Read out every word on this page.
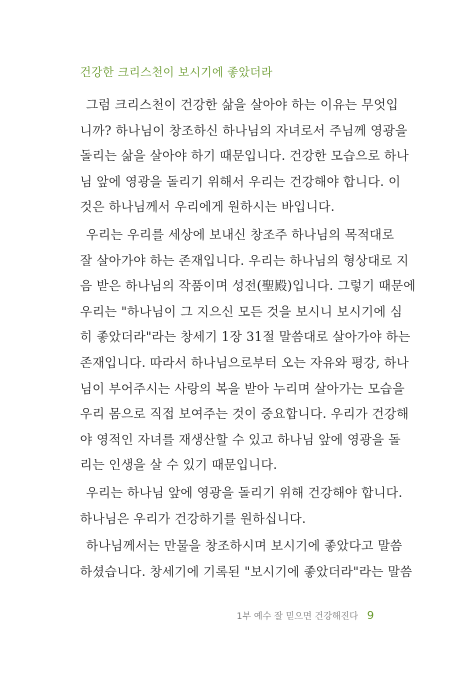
건강한 크리스천이 보시기에 좋았더라
그럼 크리스천이 건강한 삶을 살아야 하는 이유는 무엇입
니까? 하나님이 창조하신 하나님의 자녀로서 주님께 영광을
돌리는 삶을 살아야 하기 때문입니다. 건강한 모습으로 하나
님 앞에 영광을 돌리기 위해서 우리는 건강해야 합니다. 이
것은 하나님께서 우리에게 원하시는 바입니다.
우리는 우리를 세상에 보내신 창조주 하나님의 목적대로
잘 살아가야 하는 존재입니다. 우리는 하나님의 형상대로 지
음 받은 하나님의 작품이며 성전(聖殿)입니다. 그렇기 때문에
우리는 "하나님이 그 지으신 모든 것을 보시니 보시기에 심
히 좋았더라"라는 창세기 1장 31절 말씀대로 살아가야 하는
존재입니다. 따라서 하나님으로부터 오는 자유와 평강, 하나
님이 부어주시는 사랑의 복을 받아 누리며 살아가는 모습을
우리 몸으로 직접 보여주는 것이 중요합니다. 우리가 건강해
야 영적인 자녀를 재생산할 수 있고 하나님 앞에 영광을 돌
리는 인생을 살 수 있기 때문입니다.
우리는 하나님 앞에 영광을 돌리기 위해 건강해야 합니다.
하나님은 우리가 건강하기를 원하십니다.
하나님께서는 만물을 창조하시며 보시기에 좋았다고 말씀
하셨습니다. 창세기에 기록된 "보시기에 좋았더라"라는 말씀
1부 예수 잘 믿으면 건강해진다 9
